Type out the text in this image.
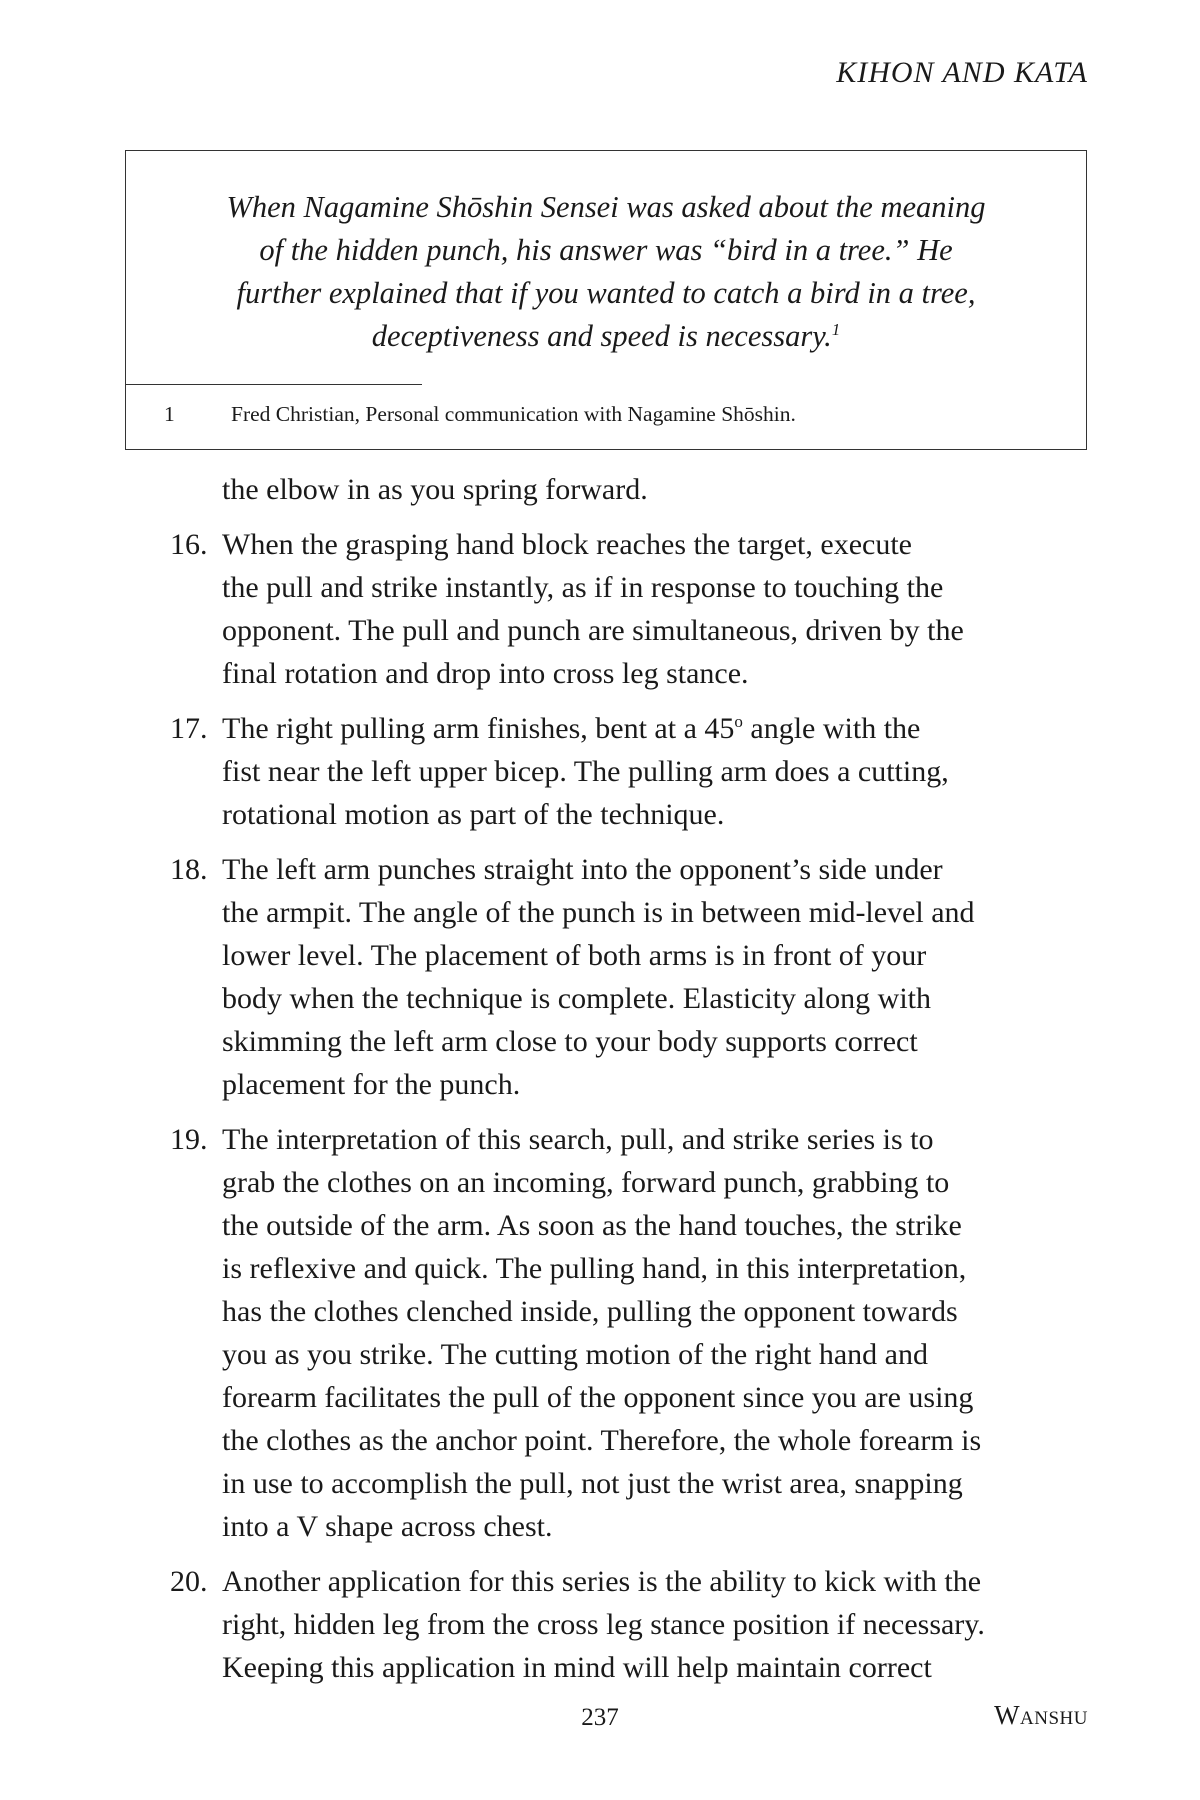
KIHON AND KATA
When Nagamine Shōshin Sensei was asked about the meaning
of the hidden punch, his answer was “bird in a tree.” He
further explained that if you wanted to catch a bird in a tree,
deceptiveness and speed is necessary.$^1$
1	Fred Christian, Personal communication with Nagamine Shōshin.
the elbow in as you spring forward.
16. When the grasping hand block reaches the target, execute
the pull and strike instantly, as if in response to touching the
opponent. The pull and punch are simultaneous, driven by the
final rotation and drop into cross leg stance.
17. The right pulling arm finishes, bent at a 45$^o$ angle with the
fist near the left upper bicep. The pulling arm does a cutting,
rotational motion as part of the technique.
18. The left arm punches straight into the opponent’s side under
the armpit. The angle of the punch is in between mid-level and
lower level. The placement of both arms is in front of your
body when the technique is complete. Elasticity along with
skimming the left arm close to your body supports correct
placement for the punch.
19. The interpretation of this search, pull, and strike series is to
grab the clothes on an incoming, forward punch, grabbing to
the outside of the arm. As soon as the hand touches, the strike
is reflexive and quick. The pulling hand, in this interpretation,
has the clothes clenched inside, pulling the opponent towards
you as you strike. The cutting motion of the right hand and
forearm facilitates the pull of the opponent since you are using
the clothes as the anchor point. Therefore, the whole forearm is
in use to accomplish the pull, not just the wrist area, snapping
into a V shape across chest.
20. Another application for this series is the ability to kick with the
right, hidden leg from the cross leg stance position if necessary.
Keeping this application in mind will help maintain correct
237	Wanshu
